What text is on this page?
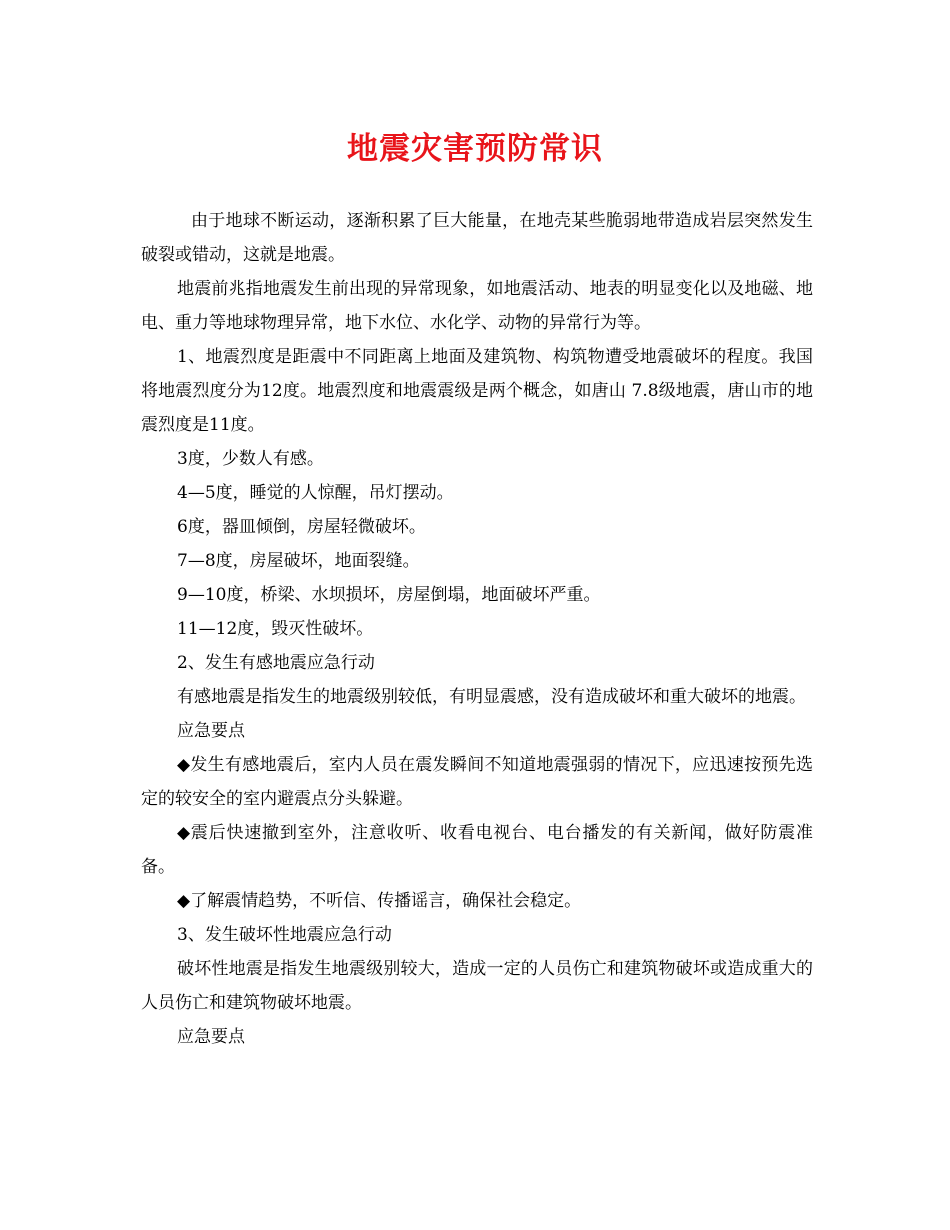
地震灾害预防常识

由于地球不断运动，逐渐积累了巨大能量，在地壳某些脆弱地带造成岩层突然发生破裂或错动，这就是地震。

地震前兆指地震发生前出现的异常现象，如地震活动、地表的明显变化以及地磁、地电、重力等地球物理异常，地下水位、水化学、动物的异常行为等。

1、地震烈度是距震中不同距离上地面及建筑物、构筑物遭受地震破坏的程度。我国将地震烈度分为12度。地震烈度和地震震级是两个概念，如唐山 7.8级地震，唐山市的地震烈度是11度。

3度，少数人有感。

4—5度，睡觉的人惊醒，吊灯摆动。

6度，器皿倾倒，房屋轻微破坏。

7—8度，房屋破坏，地面裂缝。

9—10度，桥梁、水坝损坏，房屋倒塌，地面破坏严重。

11—12度，毁灭性破坏。

2、发生有感地震应急行动

有感地震是指发生的地震级别较低，有明显震感，没有造成破坏和重大破坏的地震。

应急要点

◆发生有感地震后，室内人员在震发瞬间不知道地震强弱的情况下，应迅速按预先选定的较安全的室内避震点分头躲避。

◆震后快速撤到室外，注意收听、收看电视台、电台播发的有关新闻，做好防震准备。

◆了解震情趋势，不听信、传播谣言，确保社会稳定。

3、发生破坏性地震应急行动

破坏性地震是指发生地震级别较大，造成一定的人员伤亡和建筑物破坏或造成重大的人员伤亡和建筑物破坏地震。

应急要点
